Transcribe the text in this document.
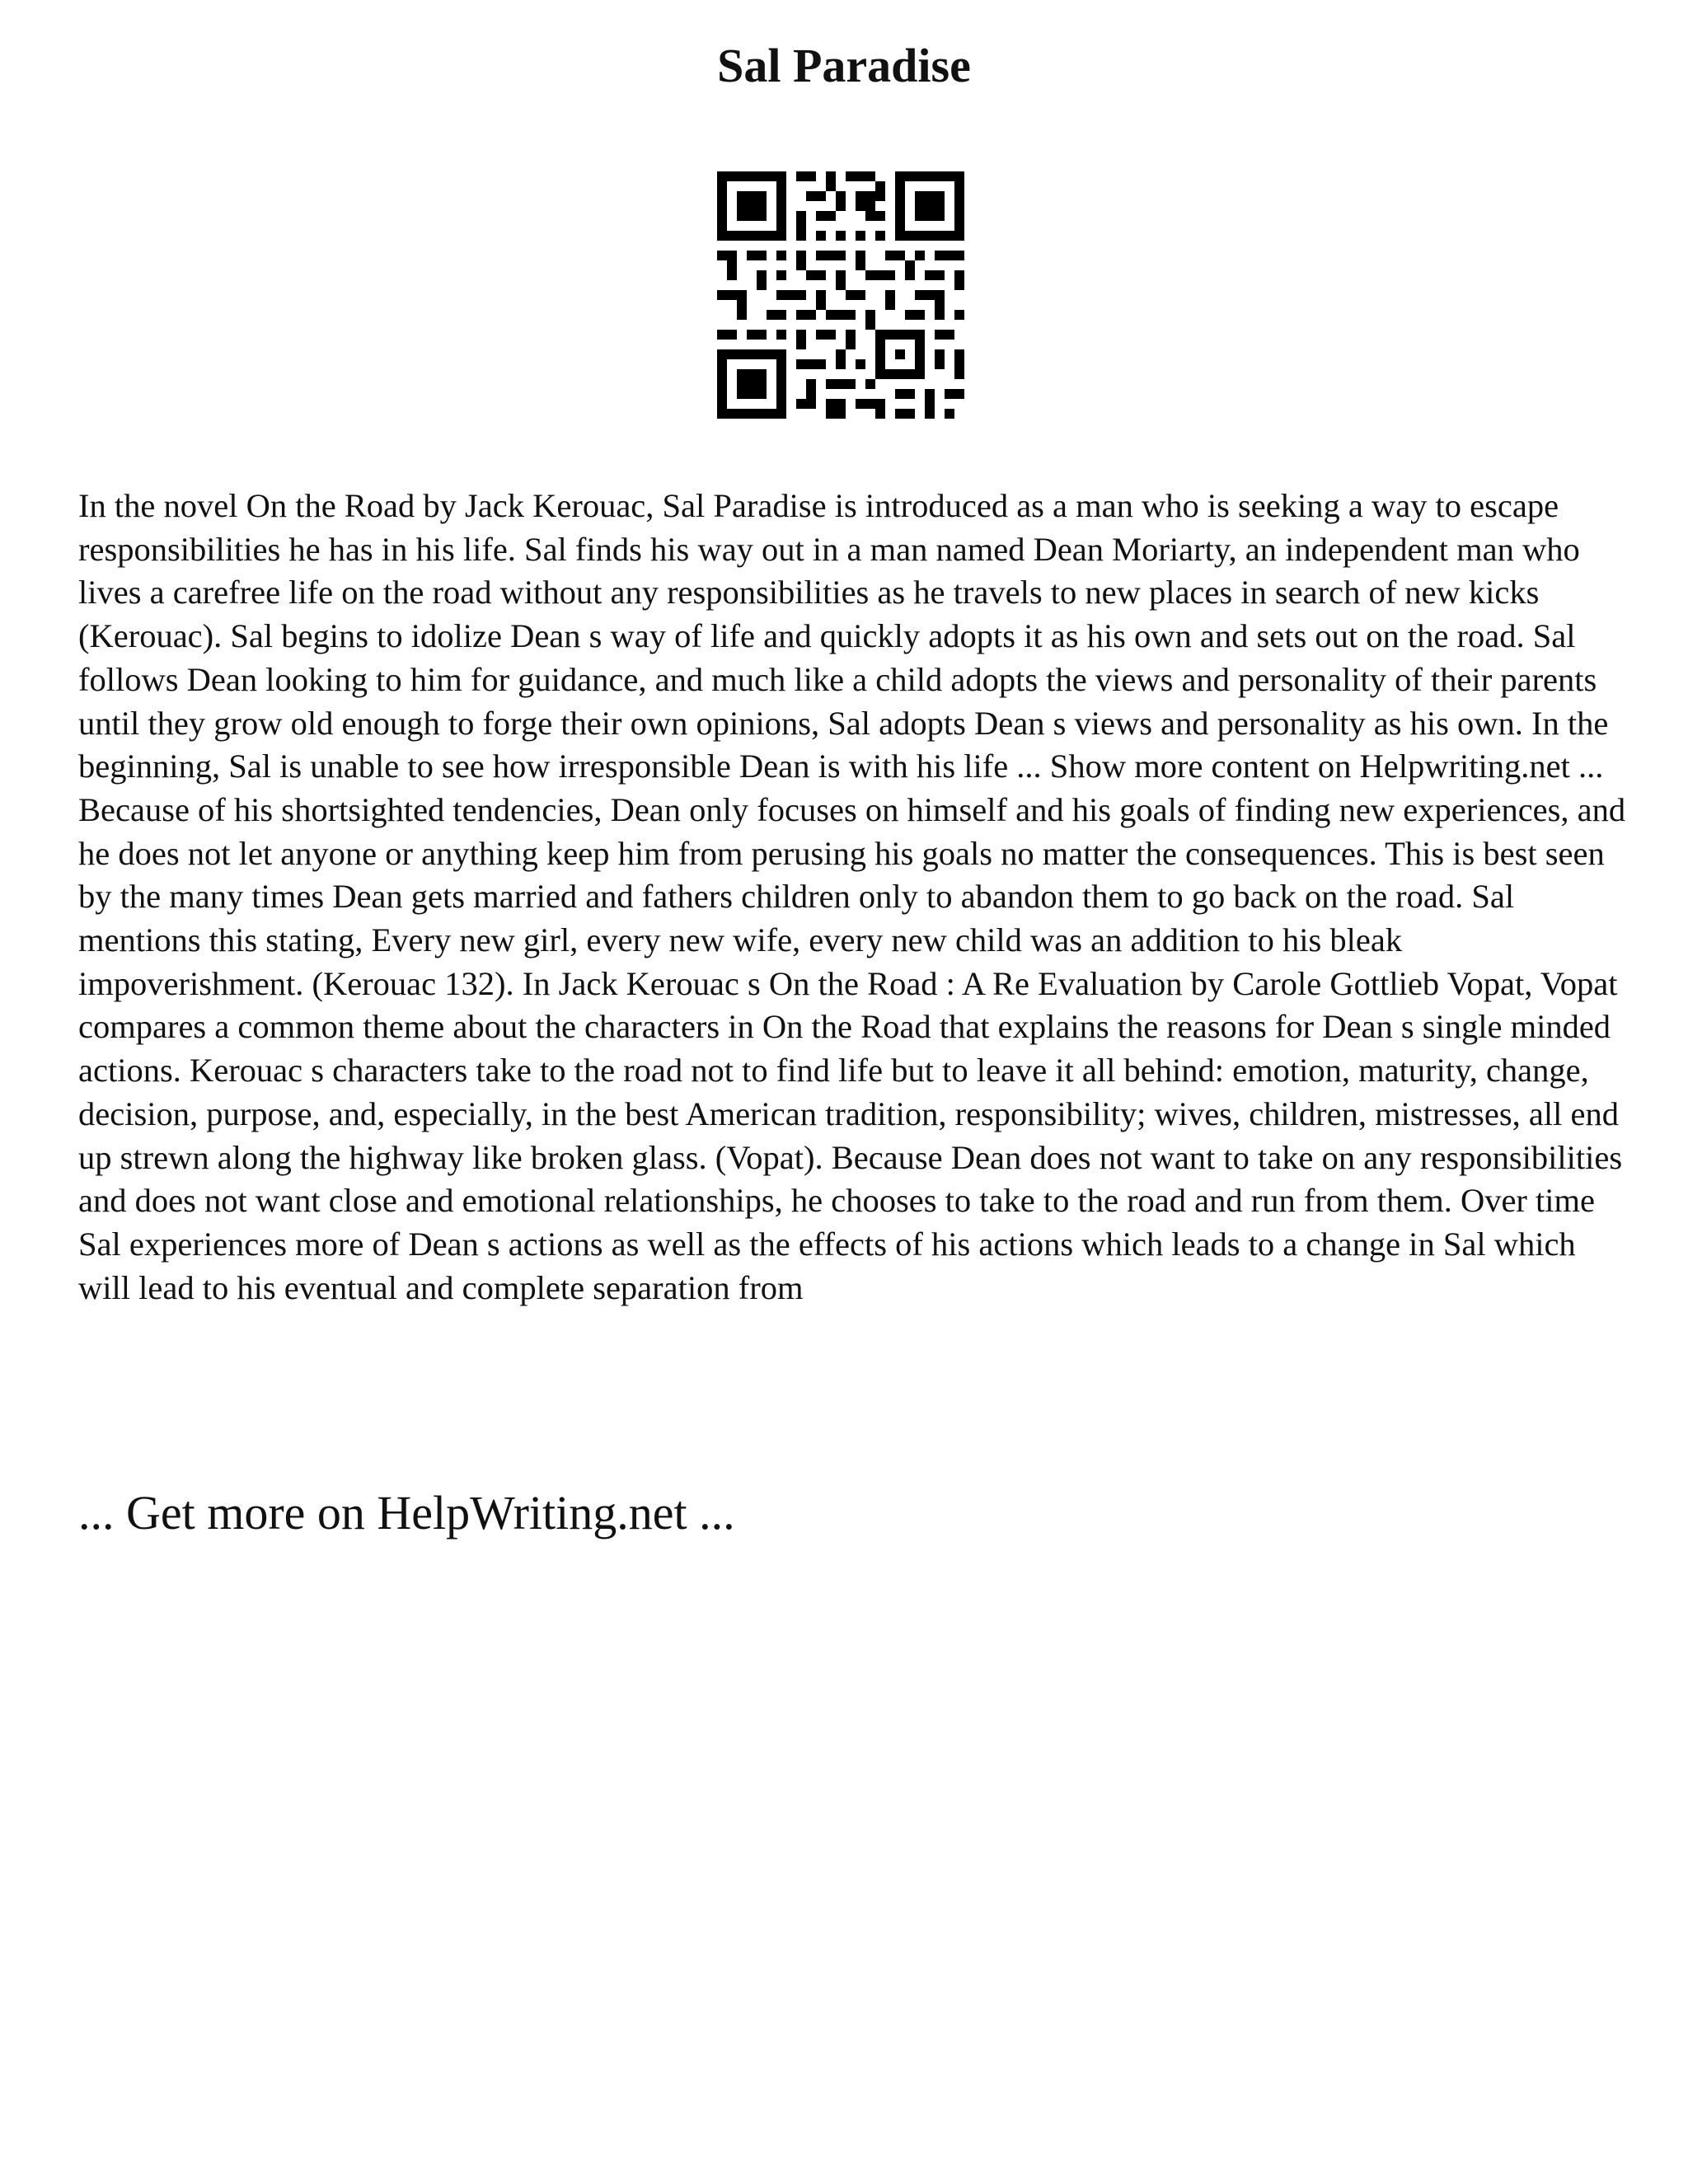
Sal Paradise

In the novel On the Road by Jack Kerouac, Sal Paradise is introduced as a man who is seeking a way to escape responsibilities he has in his life. Sal finds his way out in a man named Dean Moriarty, an independent man who lives a carefree life on the road without any responsibilities as he travels to new places in search of new kicks (Kerouac). Sal begins to idolize Dean s way of life and quickly adopts it as his own and sets out on the road. Sal follows Dean looking to him for guidance, and much like a child adopts the views and personality of their parents until they grow old enough to forge their own opinions, Sal adopts Dean s views and personality as his own. In the beginning, Sal is unable to see how irresponsible Dean is with his life ... Show more content on Helpwriting.net ...

Because of his shortsighted tendencies, Dean only focuses on himself and his goals of finding new experiences, and he does not let anyone or anything keep him from perusing his goals no matter the consequences. This is best seen by the many times Dean gets married and fathers children only to abandon them to go back on the road. Sal mentions this stating, Every new girl, every new wife, every new child was an addition to his bleak impoverishment. (Kerouac 132). In Jack Kerouac s On the Road : A Re Evaluation by Carole Gottlieb Vopat, Vopat compares a common theme about the characters in On the Road that explains the reasons for Dean s single minded actions. Kerouac s characters take to the road not to find life but to leave it all behind: emotion, maturity, change, decision, purpose, and, especially, in the best American tradition, responsibility; wives, children, mistresses, all end up strewn along the highway like broken glass. (Vopat). Because Dean does not want to take on any responsibilities and does not want close and emotional relationships, he chooses to take to the road and run from them. Over time Sal experiences more of Dean s actions as well as the effects of his actions which leads to a change in Sal which will lead to his eventual and complete separation from

... Get more on HelpWriting.net ...
